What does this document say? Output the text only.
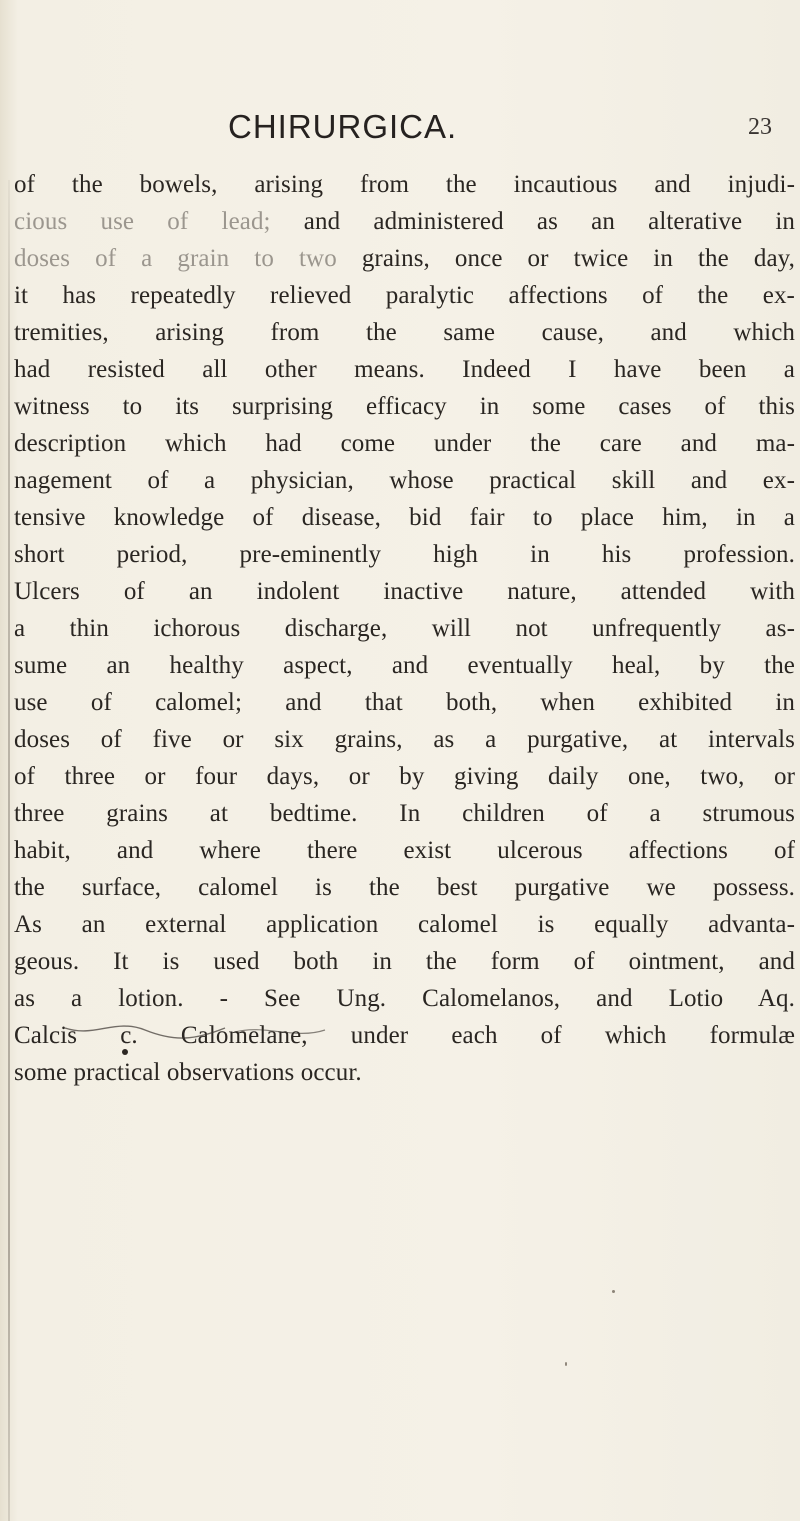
CHIRURGICA.	23
of the bowels, arising from the incautious and injudi-
cious use of lead; and administered as an alterative in
doses of a grain to two grains, once or twice in the day,
it has repeatedly relieved paralytic affections of the ex-
tremities, arising from the same cause, and which
had resisted all other means. Indeed I have been a
witness to its surprising efficacy in some cases of this
description which had come under the care and ma-
nagement of a physician, whose practical skill and ex-
tensive knowledge of disease, bid fair to place him, in a
short period, pre-eminently high in his profession.
Ulcers of an indolent inactive nature, attended with
a thin ichorous discharge, will not unfrequently as-
sume an healthy aspect, and eventually heal, by the
use of calomel; and that both, when exhibited in
doses of five or six grains, as a purgative, at intervals
of three or four days, or by giving daily one, two, or
three grains at bedtime. In children of a strumous
habit, and where there exist ulcerous affections of
the surface, calomel is the best purgative we possess.
As an external application calomel is equally advanta-
geous. It is used both in the form of ointment, and
as a lotion. - See Ung. Calomelanos, and Lotio Aq.
Calcis c. Calomelane, under each of which formulæ
some practical observations occur.
